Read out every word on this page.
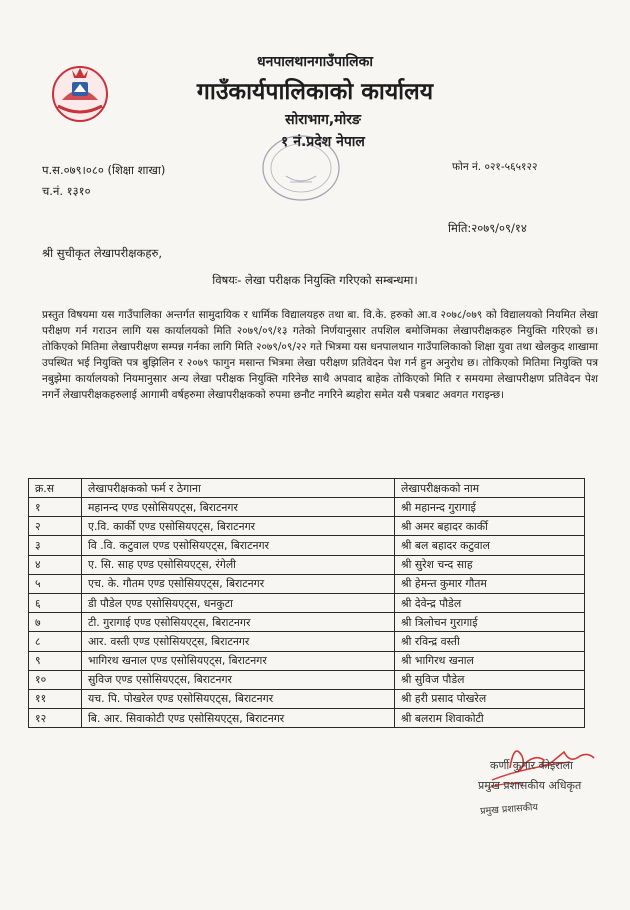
धनपालथानगाउँपालिका
गाउँकार्यपालिकाको कार्यालय
सोराभाग,मोरङ
१ नं.प्रदेश नेपाल
प.स.०७९।०८० (शिक्षा शाखा)
च.नं. १३१०
फोन नं. ०२१-५६५१२२
मिति:२०७९/०९/१४
श्री सुचीकृत लेखापरीक्षकहरु,
विषयः- लेखा परीक्षक नियुक्ति गरिएको सम्बन्धमा।
प्रस्तुत विषयमा यस गाउँपालिका अन्तर्गत सामुदायिक र धार्मिक विद्यालयहरु तथा बा. वि.के. हरुको आ.व २०७८/०७९ को विद्यालयको नियमित लेखा परीक्षण गर्न गराउन लागि यस कार्यालयको मिति २०७९/०९/१३ गतेको निर्णयानुसार तपशिल बमोजिमका लेखापरीक्षकहरु नियुक्ति गरिएको छ। तोकिएको मितिमा लेखापरीक्षण सम्पन्न गर्नका लागि मिति २०७९/०९/२२ गते भित्रमा यस धनपालथान गाउँपालिकाको शिक्षा युवा तथा खेलकुद शाखामा उपस्थित भई नियुक्ति पत्र बुझिलिन र २०७९ फागुन मसान्त भित्रमा लेखा परीक्षण प्रतिवेदन पेश गर्न हुन अनुरोध छ। तोकिएको मितिमा नियुक्ति पत्र नबुझेमा कार्यालयको नियमानुसार अन्य लेखा परीक्षक नियुक्ति गरिनेछ साथै अपवाद बाहेक तोकिएको मिति र समयमा लेखापरीक्षण प्रतिवेदन पेश नगर्ने लेखापरीक्षकहरुलाई आगामी वर्षहरुमा लेखापरीक्षकको रुपमा छनौट नगरिने ब्यहोरा समेत यसै पत्रबाट अवगत गराइन्छ।
क्र.स	लेखापरीक्षकको फर्म र ठेगाना	लेखापरीक्षकको नाम
१	महानन्द एण्ड एसोसियएट्स, बिराटनगर	श्री महानन्द गुरागाई
२	ए.वि. कार्की एण्ड एसोसियएट्स, बिराटनगर	श्री अमर बहादर कार्की
३	वि .वि. कटुवाल एण्ड एसोसियएट्स, बिराटनगर	श्री बल बहादर कटुवाल
४	ए. सि. साह एण्ड एसोसियएट्स, रंगेली	श्री सुरेश चन्द साह
५	एच. के. गौतम एण्ड एसोसियएट्स, बिराटनगर	श्री हेमन्त कुमार गौतम
६	डी पौडेल एण्ड एसोसियएट्स, धनकुटा	श्री देवेन्द्र पौडेल
७	टी. गुरागाई एण्ड एसोसियएट्स, बिराटनगर	श्री त्रिलोचन गुरागाई
८	आर. वस्ती एण्ड एसोसियएट्स, बिराटनगर	श्री रविन्द्र वस्ती
९	भागिरथ खनाल एण्ड एसोसियएट्स, बिराटनगर	श्री भागिरथ खनाल
१०	सुविज एण्ड एसोसियएट्स, बिराटनगर	श्री सुविज पौडेल
११	यच. पि. पोखरेल एण्ड एसोसियएट्स, बिराटनगर	श्री हरी प्रसाद पोखरेल
१२	बि. आर. सिवाकोटी एण्ड एसोसियएट्स, बिराटनगर	श्री बलराम शिवाकोटी
कर्णी कुमार कोइराला
प्रमुख प्रशासकीय अधिकृत
प्रमुख प्रशासकीय
